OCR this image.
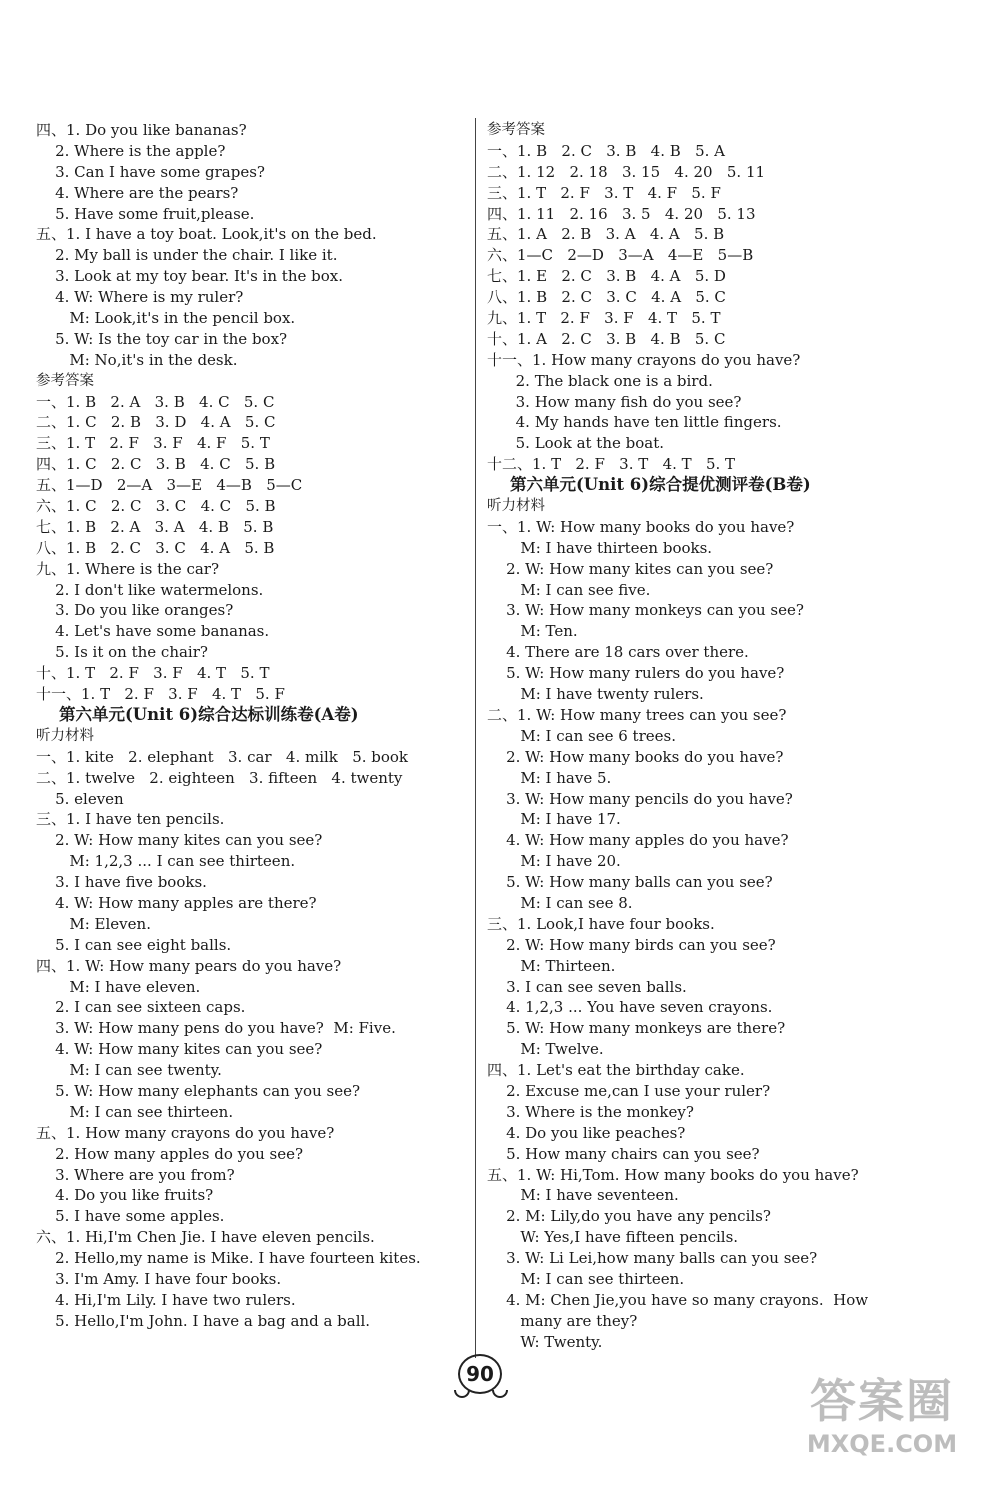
四、1. Do you like bananas?
2. Where is the apple?
3. Can I have some grapes?
4. Where are the pears?
5. Have some fruit,please.
五、1. I have a toy boat. Look,it's on the bed.
2. My ball is under the chair. I like it.
3. Look at my toy bear. It's in the box.
4. W: Where is my ruler?
M: Look,it's in the pencil box.
5. W: Is the toy car in the box?
M: No,it's in the desk.
参考答案
一、1. B   2. A   3. B   4. C   5. C
二、1. C   2. B   3. D   4. A   5. C
三、1. T   2. F   3. F   4. F   5. T
四、1. C   2. C   3. B   4. C   5. B
五、1—D   2—A   3—E   4—B   5—C
六、1. C   2. C   3. C   4. C   5. B
七、1. B   2. A   3. A   4. B   5. B
八、1. B   2. C   3. C   4. A   5. B
九、1. Where is the car?
2. I don't like watermelons.
3. Do you like oranges?
4. Let's have some bananas.
5. Is it on the chair?
十、1. T   2. F   3. F   4. T   5. T
十一、1. T   2. F   3. F   4. T   5. F
第六单元(Unit 6)综合达标训练卷(A卷)
听力材料
一、1. kite   2. elephant   3. car   4. milk   5. book
二、1. twelve   2. eighteen   3. fifteen   4. twenty
5. eleven
三、1. I have ten pencils.
2. W: How many kites can you see?
M: 1,2,3 ... I can see thirteen.
3. I have five books.
4. W: How many apples are there?
M: Eleven.
5. I can see eight balls.
四、1. W: How many pears do you have?
M: I have eleven.
2. I can see sixteen caps.
3. W: How many pens do you have?  M: Five.
4. W: How many kites can you see?
M: I can see twenty.
5. W: How many elephants can you see?
M: I can see thirteen.
五、1. How many crayons do you have?
2. How many apples do you see?
3. Where are you from?
4. Do you like fruits?
5. I have some apples.
六、1. Hi,I'm Chen Jie. I have eleven pencils.
2. Hello,my name is Mike. I have fourteen kites.
3. I'm Amy. I have four books.
4. Hi,I'm Lily. I have two rulers.
5. Hello,I'm John. I have a bag and a ball.
参考答案
一、1. B   2. C   3. B   4. B   5. A
二、1. 12   2. 18   3. 15   4. 20   5. 11
三、1. T   2. F   3. T   4. F   5. F
四、1. 11   2. 16   3. 5   4. 20   5. 13
五、1. A   2. B   3. A   4. A   5. B
六、1—C   2—D   3—A   4—E   5—B
七、1. E   2. C   3. B   4. A   5. D
八、1. B   2. C   3. C   4. A   5. C
九、1. T   2. F   3. F   4. T   5. T
十、1. A   2. C   3. B   4. B   5. C
十一、1. How many crayons do you have?
2. The black one is a bird.
3. How many fish do you see?
4. My hands have ten little fingers.
5. Look at the boat.
十二、1. T   2. F   3. T   4. T   5. T
第六单元(Unit 6)综合提优测评卷(B卷)
听力材料
一、1. W: How many books do you have?
M: I have thirteen books.
2. W: How many kites can you see?
M: I can see five.
3. W: How many monkeys can you see?
M: Ten.
4. There are 18 cars over there.
5. W: How many rulers do you have?
M: I have twenty rulers.
二、1. W: How many trees can you see?
M: I can see 6 trees.
2. W: How many books do you have?
M: I have 5.
3. W: How many pencils do you have?
M: I have 17.
4. W: How many apples do you have?
M: I have 20.
5. W: How many balls can you see?
M: I can see 8.
三、1. Look,I have four books.
2. W: How many birds can you see?
M: Thirteen.
3. I can see seven balls.
4. 1,2,3 ... You have seven crayons.
5. W: How many monkeys are there?
M: Twelve.
四、1. Let's eat the birthday cake.
2. Excuse me,can I use your ruler?
3. Where is the monkey?
4. Do you like peaches?
5. How many chairs can you see?
五、1. W: Hi,Tom. How many books do you have?
M: I have seventeen.
2. M: Lily,do you have any pencils?
W: Yes,I have fifteen pencils.
3. W: Li Lei,how many balls can you see?
M: I can see thirteen.
4. M: Chen Jie,you have so many crayons.  How
many are they?
W: Twenty.
90	答案圈
MXQE.COM
